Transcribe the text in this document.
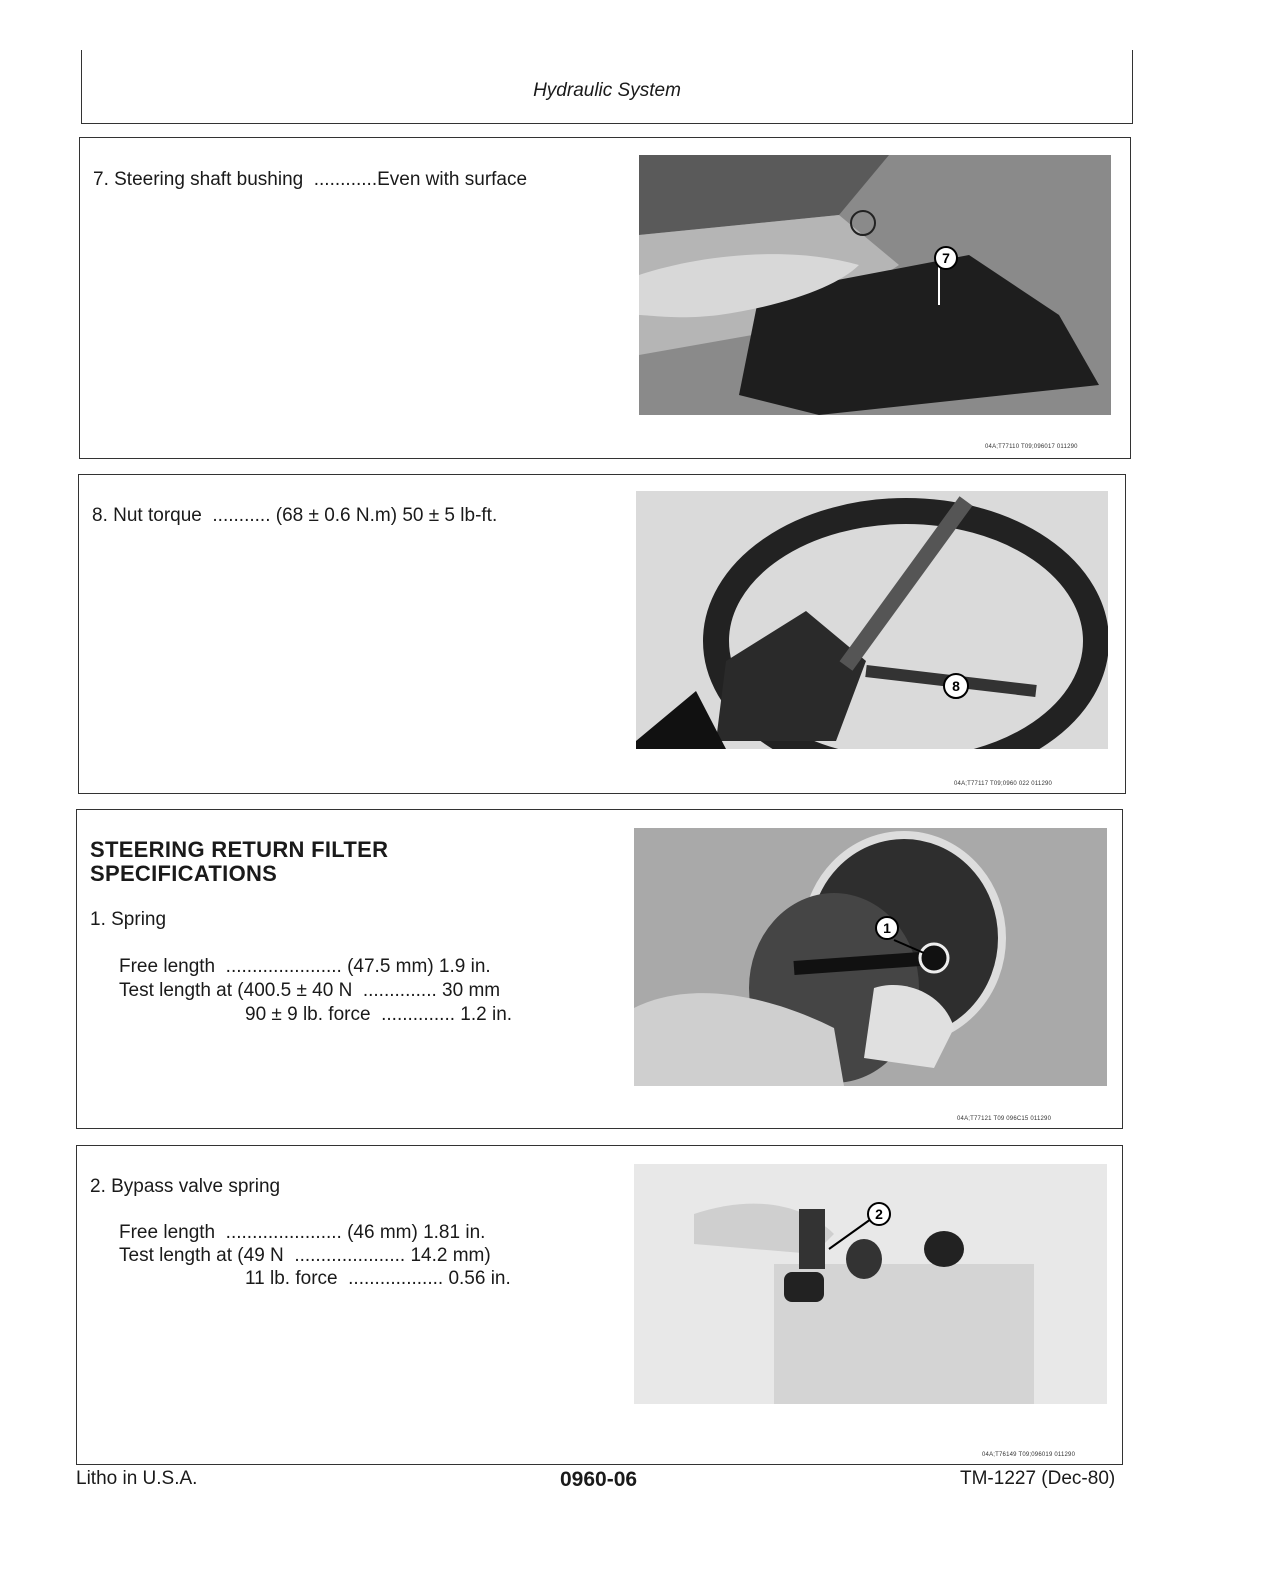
Hydraulic System
7. Steering shaft bushing  ............Even with surface
7
04A;T77110 T09;096017 011290
8. Nut torque  ........... (68 ± 0.6 N.m) 50 ± 5 lb-ft.
8
04A;T77117 T09;0960 022 011290
STEERING RETURN FILTER
SPECIFICATIONS
1. Spring
Free length  ...................... (47.5 mm) 1.9 in.
Test length at (400.5 ± 40 N  .............. 30 mm
90 ± 9 lb. force  .............. 1.2 in.
1
04A;T77121 T09 096C15 011290
2. Bypass valve spring
Free length  ...................... (46 mm) 1.81 in.
Test length at (49 N  ..................... 14.2 mm)
11 lb. force  .................. 0.56 in.
2
04A;T76149 T09;096019 011290
Litho in U.S.A.	0960-06	TM-1227 (Dec-80)
